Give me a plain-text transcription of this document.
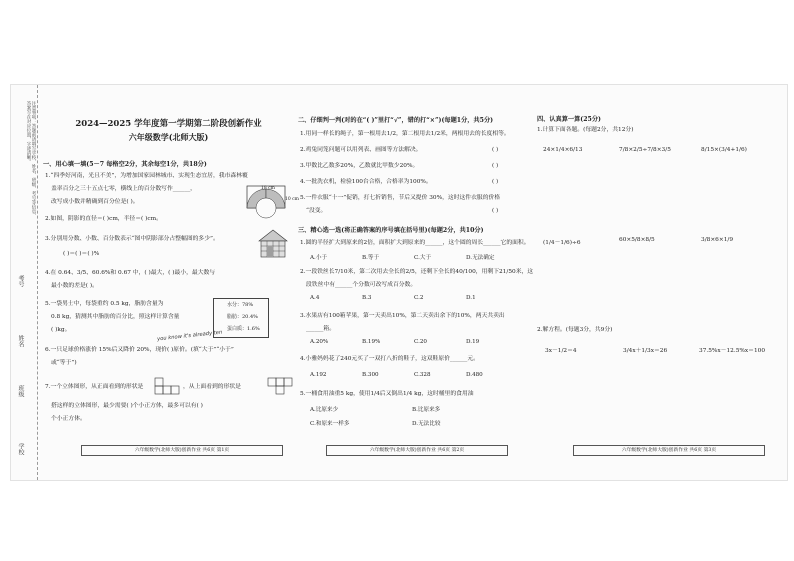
注意事项：答题前请填写学校、姓名、班级、考号等信息，答案写在对应位置，字迹清晰。
考号
姓名
班级
学校
2024—2025 学年度第一学期第二阶段创新作业
六年级数学(北师大版)
一、用心填一填(5－7 每格空2分，其余每空1分，共18分)
1.“四季好河南，光且不美”，为增加国家园林城市、实现生态宜居，我市森林覆
盖率百分之三十五点七零，横线上的百分数写作______，
改写成小数并精确到百分位是( )。
18 cm
10 cm
2.如图，阴影的直径＝( )cm，半径＝( )cm。
3.分别用分数、小数、百分数表示“图中阴影部分占整幅图的多少”。
( )＝( )＝( )%
4.在 0.64、3/5、60.6%和 0.67 中，( )最大，( )最小，最大数与
最小数的差是( )。
5.一袋男士中，每袋重约 0.5 kg，脂肪含量为
0.8 kg，猜测其中脂肪的百分比，照这样计算含量
( )kg。
水分：78%
脂肪：20.4%
蛋白质：1.6%
you know it's already ten
6.一只足球价格涨价 15%后又降价 20%，现价( )原价。(填“大于”“小于”
或“等于”)
7.一个立体图形，从正面看到的形状是	，从上面看到的形状是
搭这样的立体图形，最少需要( )个小正方体，最多可以有( )
个小正方体。
六年级数学(北师大版)创新作业 共6页 第1页
二、仔细判一判(对的在“( )”里打“√”，错的打“×”)(每题1分，共5分)
1.用同一样长的绳子，第一根用去1/2，第二根用去1/2米，两根用去的长度相等。
2.鸡兔同笼问题可以用列表、画图等方法解决。
3.甲数比乙数多20%，乙数就比甲数少20%。
4.一批洗衣机，检验100台合格，合格率为100%。
5.一件衣服“十一”促销，打七折销售，节后又提价 30%，这时这件衣服的价格
“没变。
( )
( )
( )
( )
三、精心选一选(将正确答案的序号填在括号里)(每题2分，共10分)
1.圆的半径扩大到原来的2倍，面积扩大到原来的______，这个圆的周长______它的面积。
A.小于	B.等于	C.大于	D.无法确定
2.一段铁丝长7/10米，第二次用去全长的2/5，还剩下全长的40/100，用剩下21/50米，这
段铁丝中有______个分数可改写成百分数。
A.4	B.3	C.2	D.1
3.水果店有100箱苹果，第一天卖出10%，第二天卖出余下的10%，两天共卖出
______箱。
A.20%	B.19%	C.20	D.19
4.小雅妈妈花了240元买了一双打八折的鞋子，这双鞋原价______元。
A.192	B.300	C.328	D.480
5.一桶食用油重5 kg，使用1/4后又倒出1/4 kg，这时桶里的食用油
A.比原来少	B.比原来多
C.和原来一样多	D.无法比较
六年级数学(北师大版)创新作业 共6页 第2页
四、认真算一算(25分)
1.计算下面各题。(每题2分，共12分)
24×1/4×6/13	7/8×2/5÷7/8×3/5	8/15×(3/4+1/6)
(1/4－1/6)÷6	60×5/8×8/5	3/8×6×1/9
2.解方程。(每题3分，共9分)
3x－1/2＝4	3/4x＋1/3x＝26	37.5%x－12.5%x＝100
六年级数学(北师大版)创新作业 共6页 第3页
